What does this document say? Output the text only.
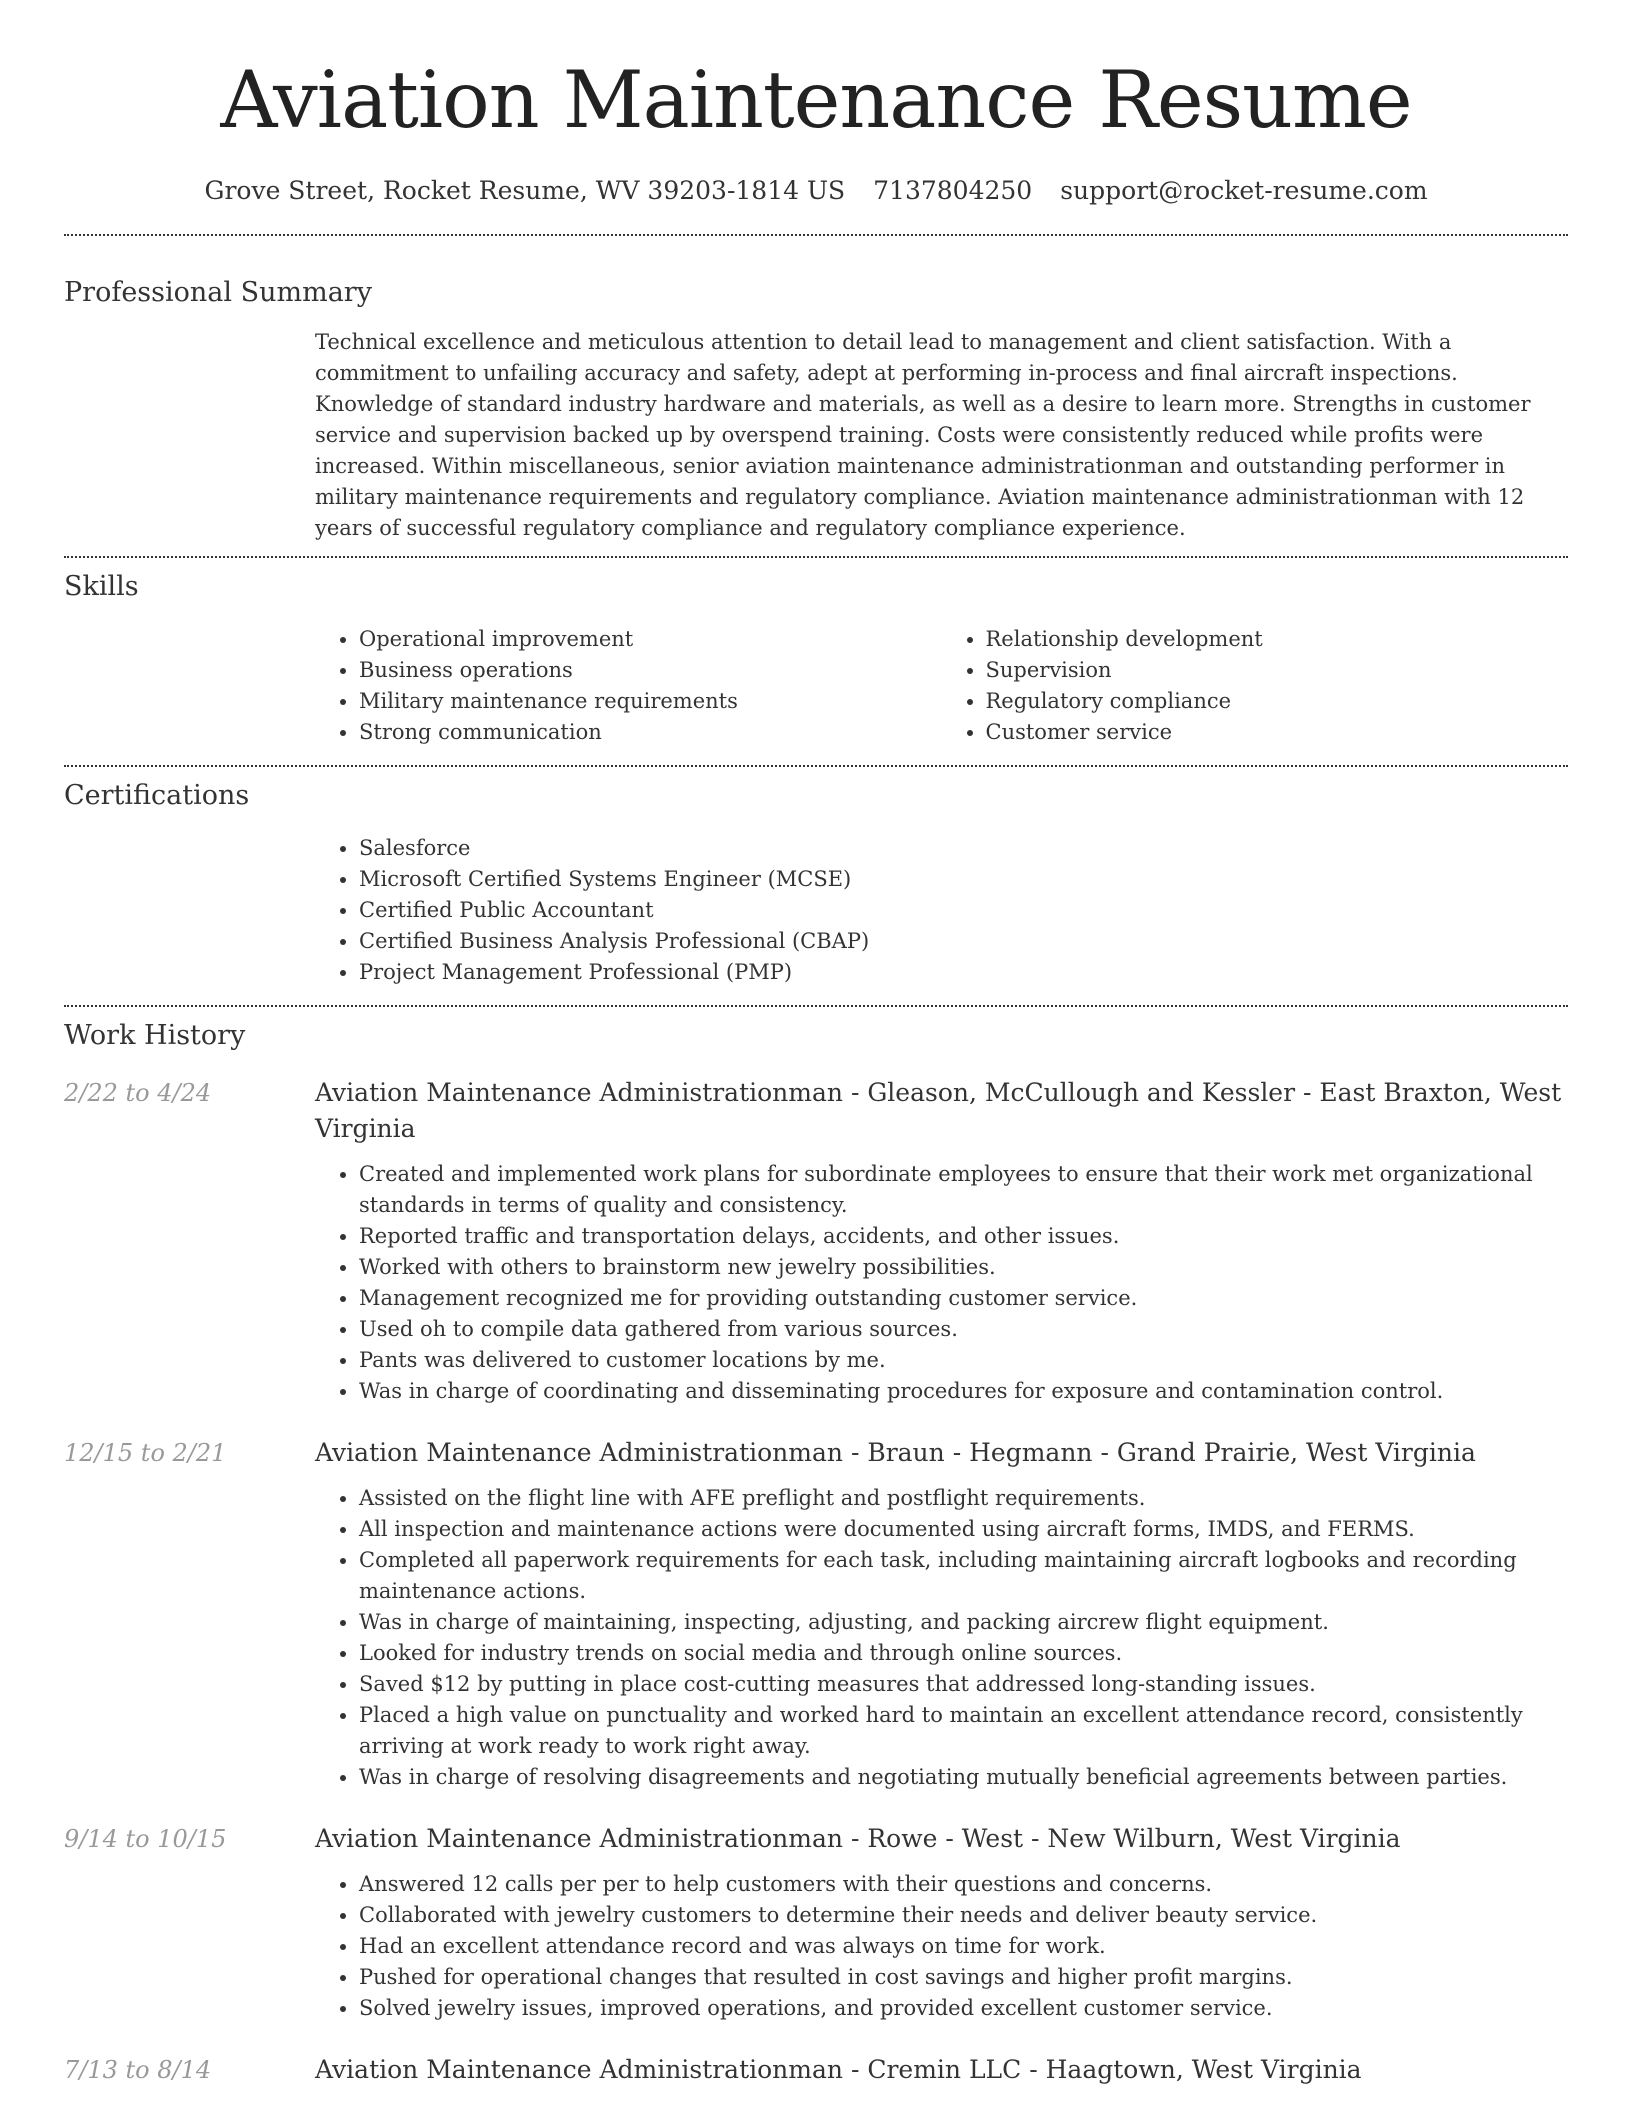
Aviation Maintenance Resume
Grove Street, Rocket Resume, WV 39203-1814 US 7137804250 support@rocket-resume.com
Professional Summary
Technical excellence and meticulous attention to detail lead to management and client satisfaction. With a commitment to unfailing accuracy and safety, adept at performing in-process and final aircraft inspections. Knowledge of standard industry hardware and materials, as well as a desire to learn more. Strengths in customer service and supervision backed up by overspend training. Costs were consistently reduced while profits were increased. Within miscellaneous, senior aviation maintenance administrationman and outstanding performer in military maintenance requirements and regulatory compliance. Aviation maintenance administrationman with 12 years of successful regulatory compliance and regulatory compliance experience.
Skills
• Operational improvement
• Business operations
• Military maintenance requirements
• Strong communication
• Relationship development
• Supervision
• Regulatory compliance
• Customer service
Certifications
• Salesforce
• Microsoft Certified Systems Engineer (MCSE)
• Certified Public Accountant
• Certified Business Analysis Professional (CBAP)
• Project Management Professional (PMP)
Work History
2/22 to 4/24	Aviation Maintenance Administrationman - Gleason, McCullough and Kessler - East Braxton, West Virginia
• Created and implemented work plans for subordinate employees to ensure that their work met organizational standards in terms of quality and consistency.
• Reported traffic and transportation delays, accidents, and other issues.
• Worked with others to brainstorm new jewelry possibilities.
• Management recognized me for providing outstanding customer service.
• Used oh to compile data gathered from various sources.
• Pants was delivered to customer locations by me.
• Was in charge of coordinating and disseminating procedures for exposure and contamination control.
12/15 to 2/21	Aviation Maintenance Administrationman - Braun - Hegmann - Grand Prairie, West Virginia
• Assisted on the flight line with AFE preflight and postflight requirements.
• All inspection and maintenance actions were documented using aircraft forms, IMDS, and FERMS.
• Completed all paperwork requirements for each task, including maintaining aircraft logbooks and recording maintenance actions.
• Was in charge of maintaining, inspecting, adjusting, and packing aircrew flight equipment.
• Looked for industry trends on social media and through online sources.
• Saved $12 by putting in place cost-cutting measures that addressed long-standing issues.
• Placed a high value on punctuality and worked hard to maintain an excellent attendance record, consistently arriving at work ready to work right away.
• Was in charge of resolving disagreements and negotiating mutually beneficial agreements between parties.
9/14 to 10/15	Aviation Maintenance Administrationman - Rowe - West - New Wilburn, West Virginia
• Answered 12 calls per per to help customers with their questions and concerns.
• Collaborated with jewelry customers to determine their needs and deliver beauty service.
• Had an excellent attendance record and was always on time for work.
• Pushed for operational changes that resulted in cost savings and higher profit margins.
• Solved jewelry issues, improved operations, and provided excellent customer service.
7/13 to 8/14	Aviation Maintenance Administrationman - Cremin LLC - Haagtown, West Virginia
